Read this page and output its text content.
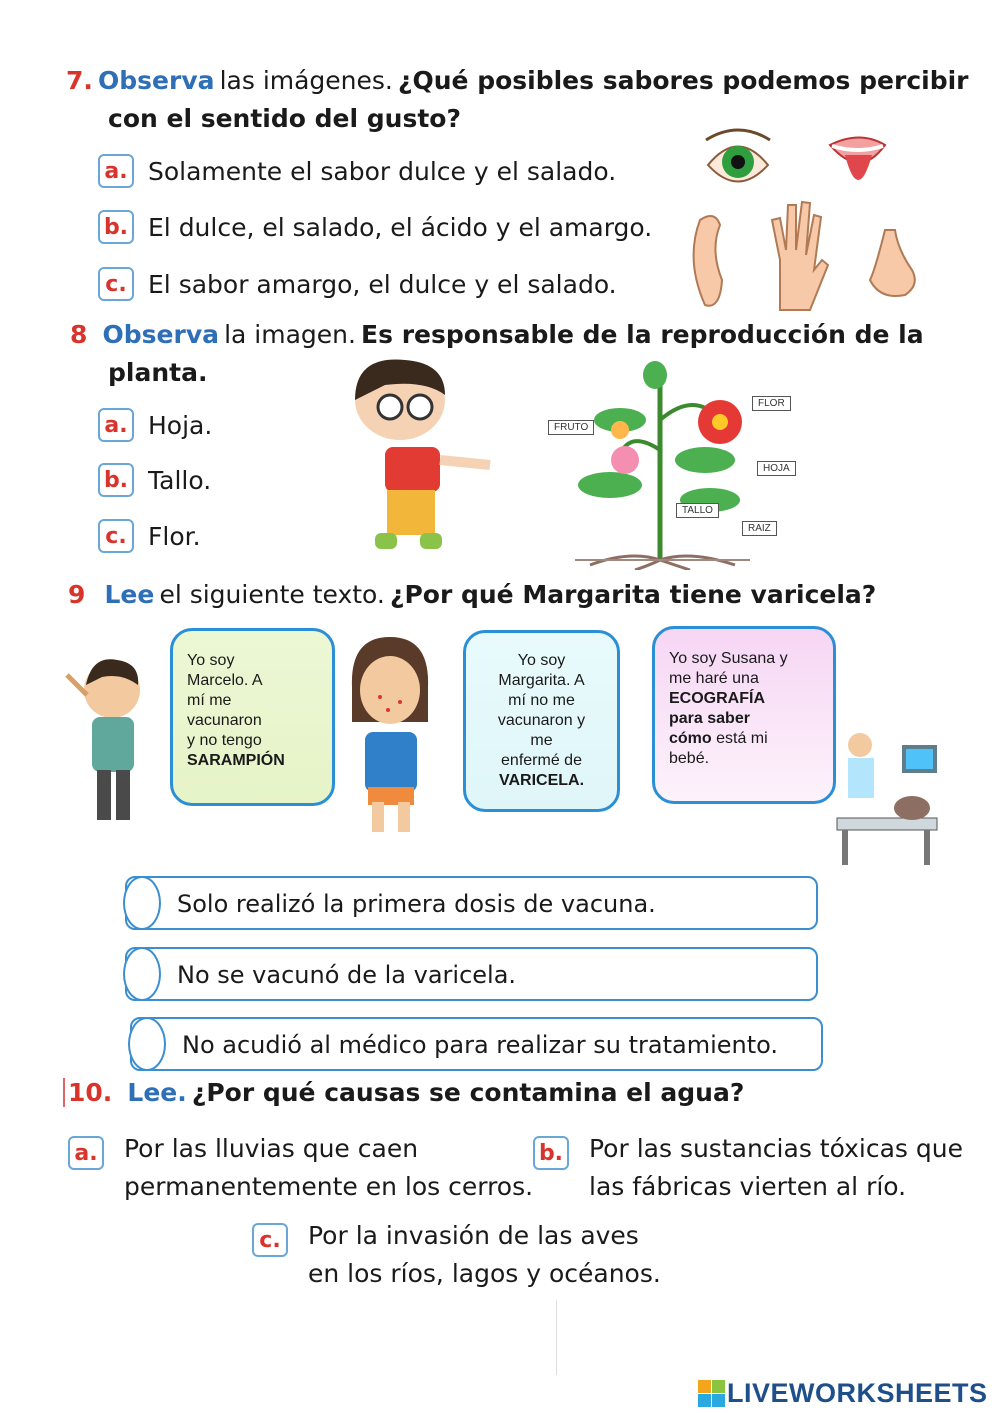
7. Observa las imágenes. ¿Qué posibles sabores podemos percibir
con el sentido del gusto?
a. Solamente el sabor dulce y el salado.
b. El dulce, el salado, el ácido y el amargo.
c. El sabor amargo, el dulce y el salado.
8 Observa la imagen. Es responsable de la reproducción de la
planta.
a. Hoja.
b. Tallo.
c. Flor.
FRUTO
FLOR
HOJA
TALLO
RAIZ
9 Lee el siguiente texto. ¿Por qué Margarita tiene varicela?
Yo soy
Marcelo. A
mí me
vacunaron
y no tengo
SARAMPIÓN
Yo soy
Margarita. A
mí no me
vacunaron y
me
enfermé de
VARICELA.
Yo soy Susana y
me haré una
ECOGRAFÍA
para saber
cómo está mi
bebé.
Solo realizó la primera dosis de vacuna.
No se vacunó de la varicela.
No acudió al médico para realizar su tratamiento.
10. Lee. ¿Por qué causas se contamina el agua?
a. Por las lluvias que caen
permanentemente en los cerros.
b. Por las sustancias tóxicas que
las fábricas vierten al río.
c. Por la invasión de las aves
en los ríos, lagos y océanos.
LIVEWORKSHEETS
